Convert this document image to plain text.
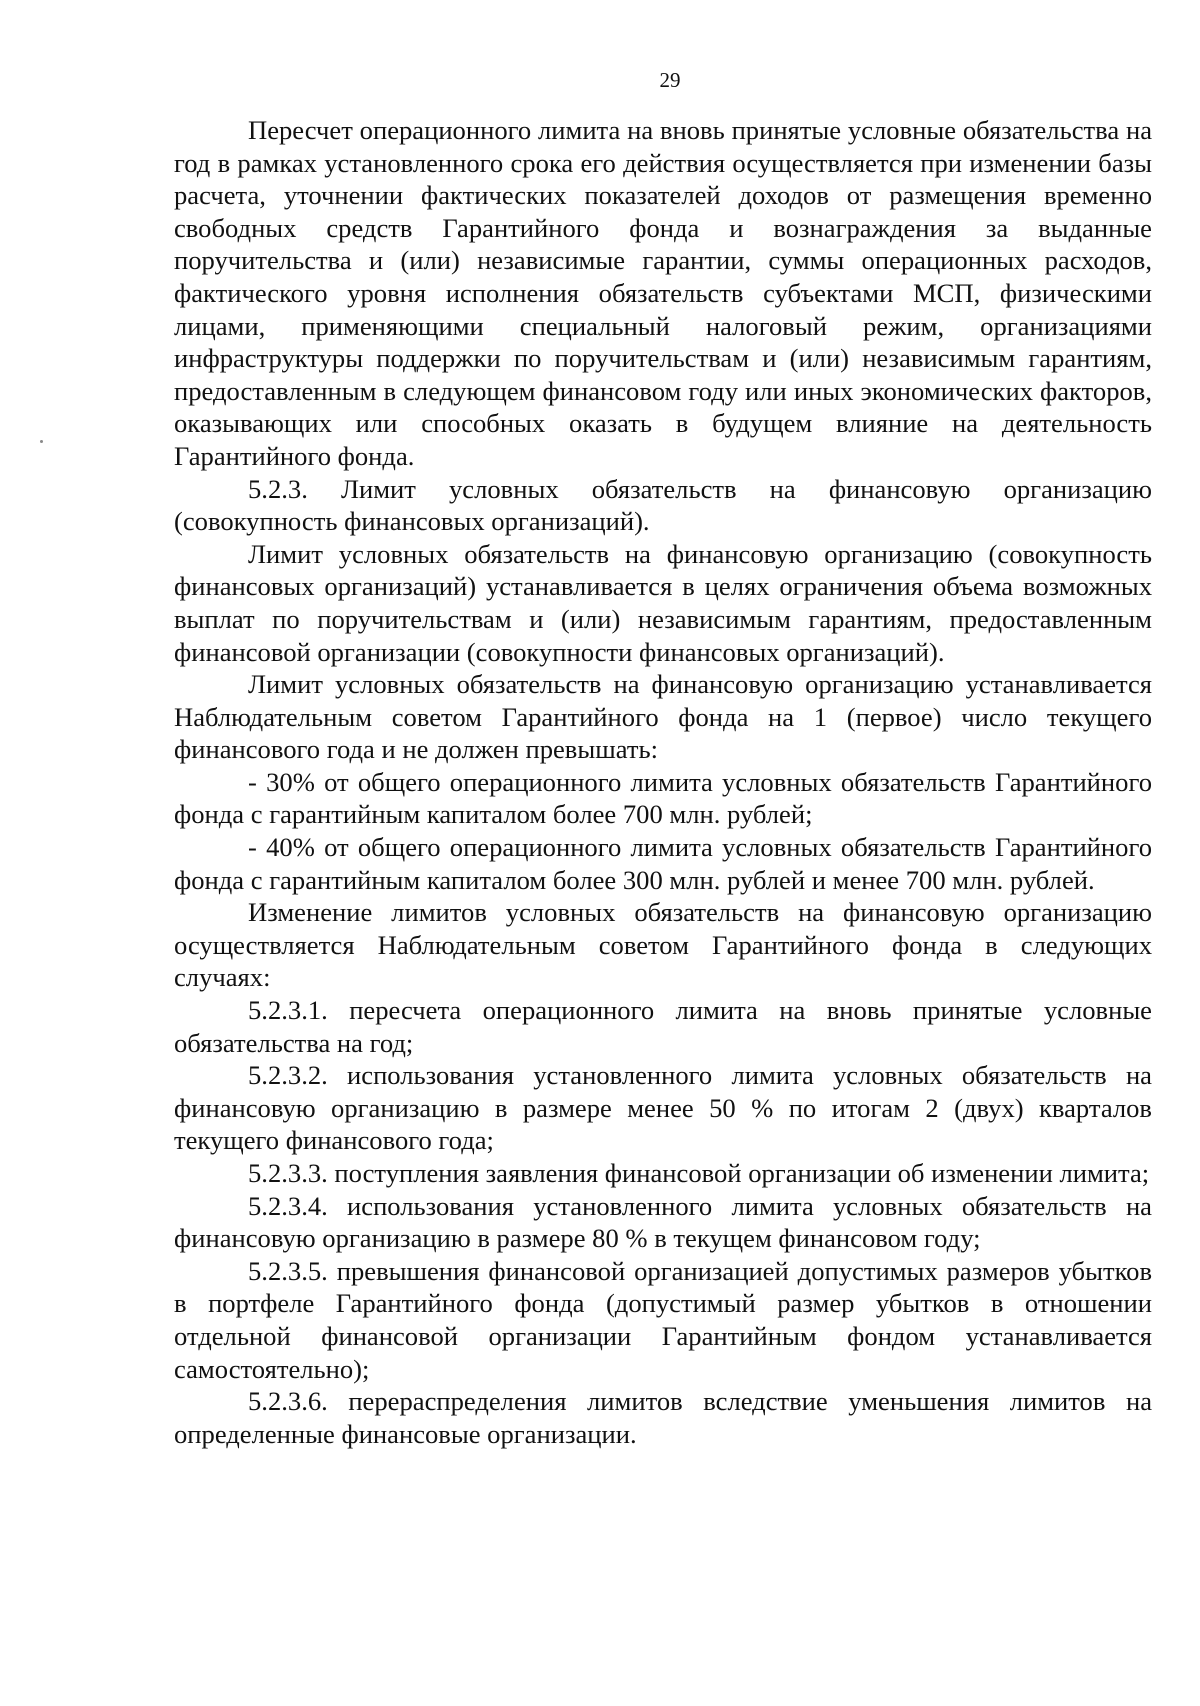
29

Пересчет операционного лимита на вновь принятые условные обязательства на год в рамках установленного срока его действия осуществляется при изменении базы расчета, уточнении фактических показателей доходов от размещения временно свободных средств Гарантийного фонда и вознаграждения за выданные поручительства и (или) независимые гарантии, суммы операционных расходов, фактического уровня исполнения обязательств субъектами МСП, физическими лицами, применяющими специальный налоговый режим, организациями инфраструктуры поддержки по поручительствам и (или) независимым гарантиям, предоставленным в следующем финансовом году или иных экономических факторов, оказывающих или способных оказать в будущем влияние на деятельность Гарантийного фонда.

5.2.3. Лимит условных обязательств на финансовую организацию (совокупность финансовых организаций).

Лимит условных обязательств на финансовую организацию (совокупность финансовых организаций) устанавливается в целях ограничения объема возможных выплат по поручительствам и (или) независимым гарантиям, предоставленным финансовой организации (совокупности финансовых организаций).

Лимит условных обязательств на финансовую организацию устанавливается Наблюдательным советом Гарантийного фонда на 1 (первое) число текущего финансового года и не должен превышать:

- 30% от общего операционного лимита условных обязательств Гарантийного фонда с гарантийным капиталом более 700 млн. рублей;

- 40% от общего операционного лимита условных обязательств Гарантийного фонда с гарантийным капиталом более 300 млн. рублей и менее 700 млн. рублей.

Изменение лимитов условных обязательств на финансовую организацию осуществляется Наблюдательным советом Гарантийного фонда в следующих случаях:

5.2.3.1. пересчета операционного лимита на вновь принятые условные обязательства на год;

5.2.3.2. использования установленного лимита условных обязательств на финансовую организацию в размере менее 50 % по итогам 2 (двух) кварталов текущего финансового года;

5.2.3.3. поступления заявления финансовой организации об изменении лимита;

5.2.3.4. использования установленного лимита условных обязательств на финансовую организацию в размере 80 % в текущем финансовом году;

5.2.3.5. превышения финансовой организацией допустимых размеров убытков в портфеле Гарантийного фонда (допустимый размер убытков в отношении отдельной финансовой организации Гарантийным фондом устанавливается самостоятельно);

5.2.3.6. перераспределения лимитов вследствие уменьшения лимитов на определенные финансовые организации.
